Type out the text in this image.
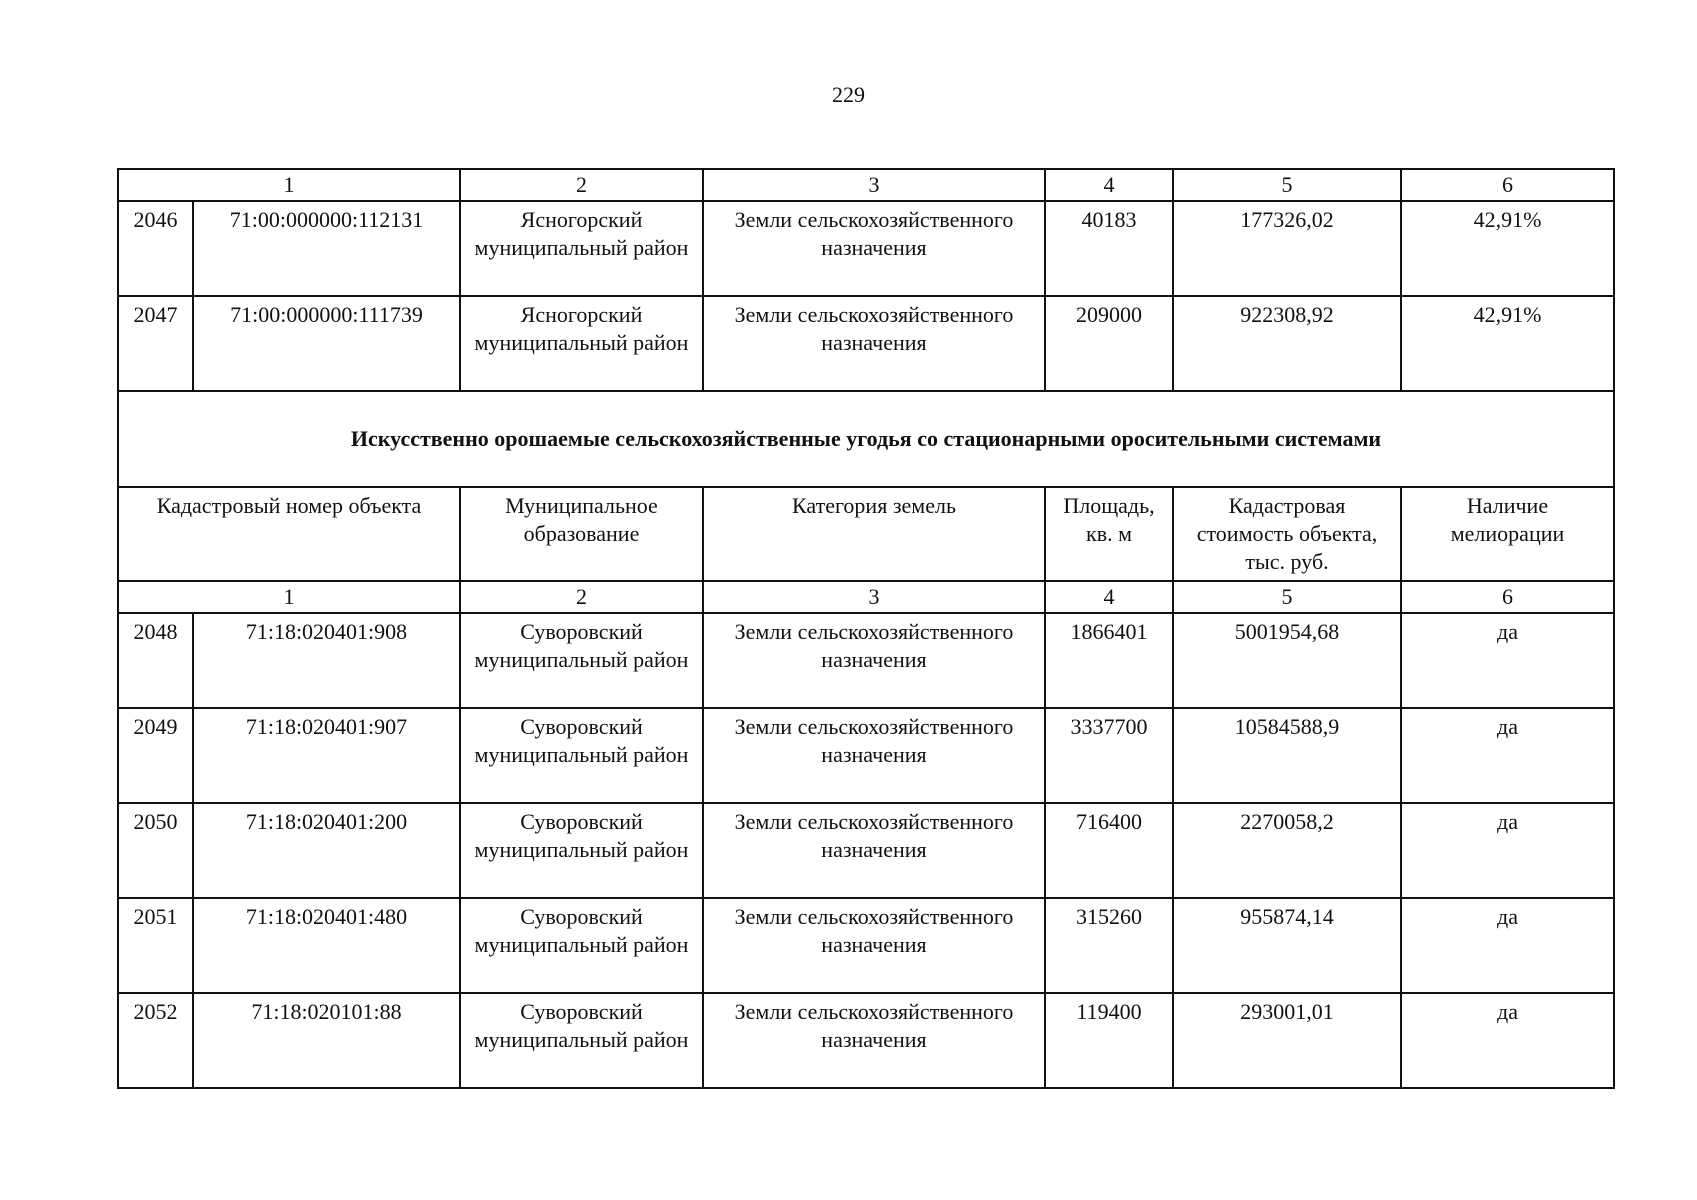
229
1		2	3	4	5	6
2046	71:00:000000:112131	Ясногорский муниципальный район	Земли сельскохозяйственного назначения	40183	177326,02	42,91%
2047	71:00:000000:111739	Ясногорский муниципальный район	Земли сельскохозяйственного назначения	209000	922308,92	42,91%
Искусственно орошаемые сельскохозяйственные угодья со стационарными оросительными системами						
Кадастровый номер объекта		Муниципальное образование	Категория земель	Площадь, кв. м	Кадастровая стоимость объекта, тыс. руб.	Наличие мелиорации
1		2	3	4	5	6
2048	71:18:020401:908	Суворовский муниципальный район	Земли сельскохозяйственного назначения	1866401	5001954,68	да
2049	71:18:020401:907	Суворовский муниципальный район	Земли сельскохозяйственного назначения	3337700	10584588,9	да
2050	71:18:020401:200	Суворовский муниципальный район	Земли сельскохозяйственного назначения	716400	2270058,2	да
2051	71:18:020401:480	Суворовский муниципальный район	Земли сельскохозяйственного назначения	315260	955874,14	да
2052	71:18:020101:88	Суворовский муниципальный район	Земли сельскохозяйственного назначения	119400	293001,01	да
